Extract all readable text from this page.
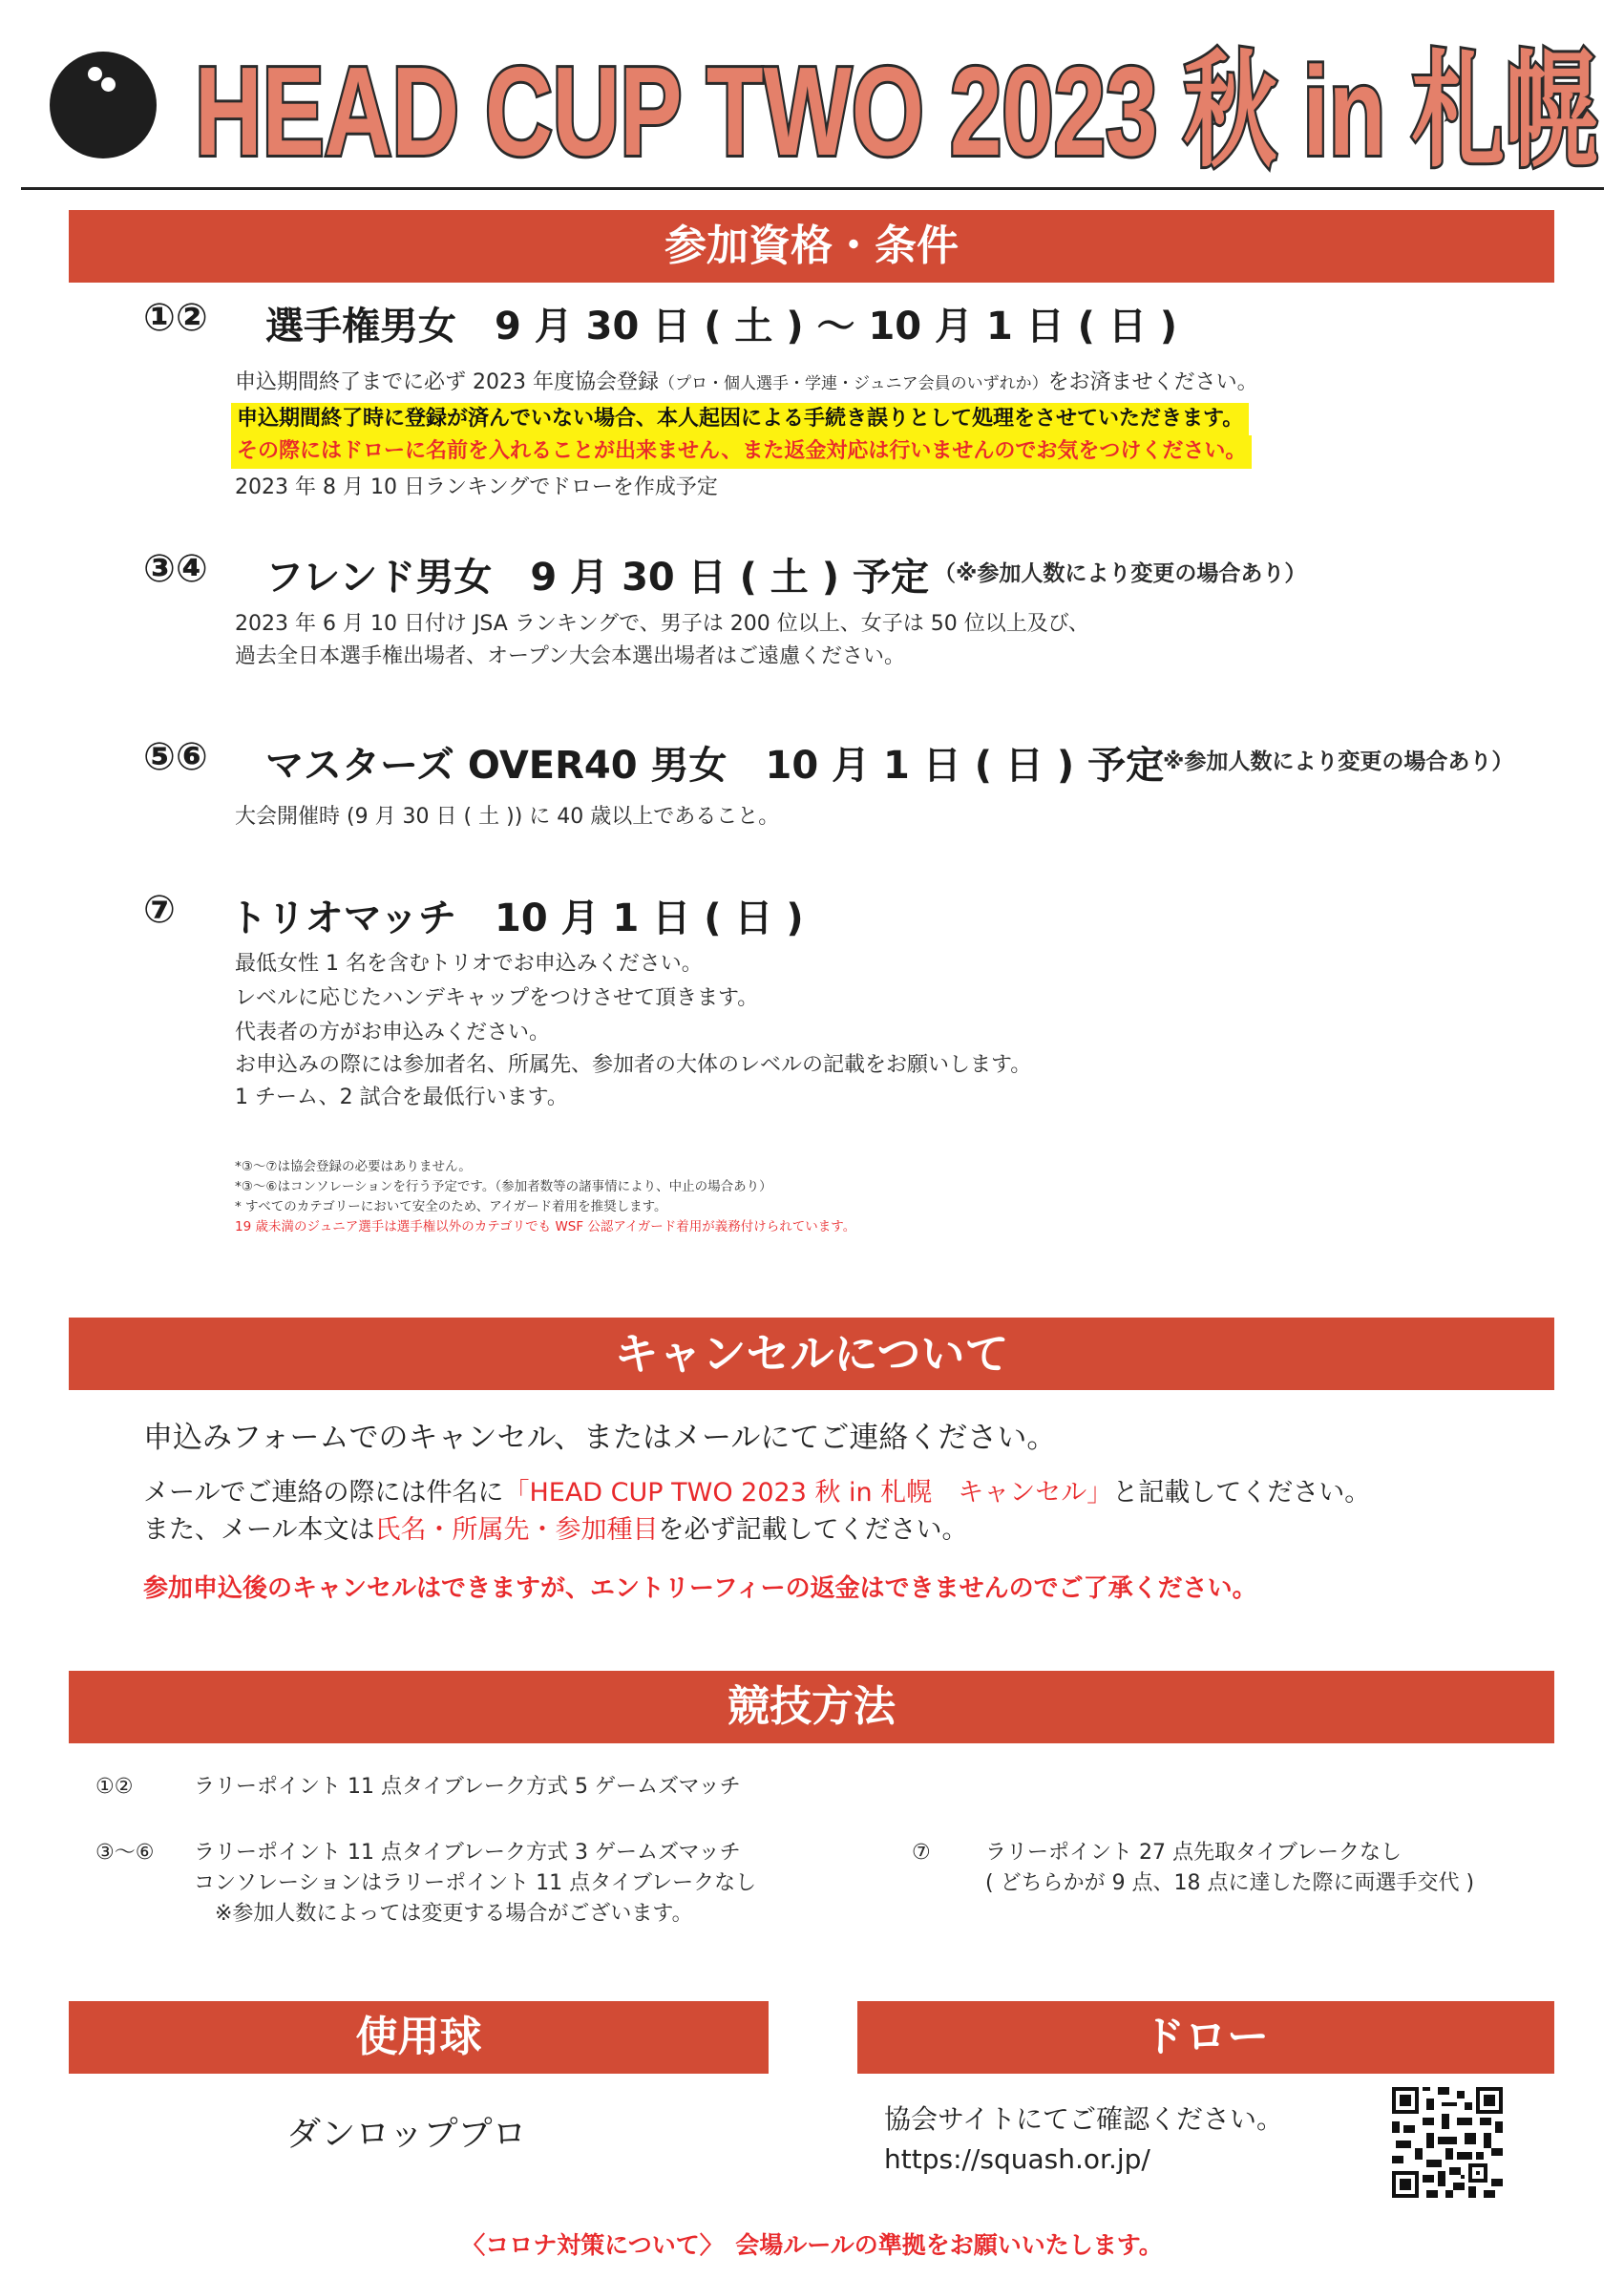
HEAD CUP TWO 2023 秋 in 札幌
参加資格・条件
①② 選手権男女　9 月 30 日 ( 土 ) 〜 10 月 1 日 ( 日 )
申込期間終了までに必ず 2023 年度協会登録（プロ・個人選手・学連・ジュニア会員のいずれか）をお済ませください。
申込期間終了時に登録が済んでいない場合、本人起因による手続き誤りとして処理をさせていただきます。
その際にはドローに名前を入れることが出来ません、また返金対応は行いませんのでお気をつけください。
2023 年 8 月 10 日ランキングでドローを作成予定
③④ フレンド男女　9 月 30 日 ( 土 ) 予定 （※参加人数により変更の場合あり）
2023 年 6 月 10 日付け JSA ランキングで、男子は 200 位以上、女子は 50 位以上及び、
過去全日本選手権出場者、オープン大会本選出場者はご遠慮ください。
⑤⑥ マスターズ OVER40 男女　10 月 1 日 ( 日 ) 予定
（※参加人数により変更の場合あり）
大会開催時 (9 月 30 日 ( 土 )) に 40 歳以上であること。
⑦ トリオマッチ　10 月 1 日 ( 日 )
最低女性 1 名を含むトリオでお申込みください。
レベルに応じたハンデキャップをつけさせて頂きます。
代表者の方がお申込みください。
お申込みの際には参加者名、所属先、参加者の大体のレベルの記載をお願いします。
1 チーム、2 試合を最低行います。
*③〜⑦は協会登録の必要はありません。
*③〜⑥はコンソレーションを行う予定です。（参加者数等の諸事情により、中止の場合あり）
* すべてのカテゴリーにおいて安全のため、アイガード着用を推奨します。
19 歳未満のジュニア選手は選手権以外のカテゴリでも WSF 公認アイガード着用が義務付けられています。
キャンセルについて
申込みフォームでのキャンセル、またはメールにてご連絡ください。
メールでご連絡の際には件名に「HEAD CUP TWO 2023 秋 in 札幌　キャンセル」と記載してください。
また、メール本文は氏名・所属先・参加種目を必ず記載してください。
参加申込後のキャンセルはできますが、エントリーフィーの返金はできませんのでご了承ください。
競技方法
①②	ラリーポイント 11 点タイブレーク方式 5 ゲームズマッチ
③〜⑥ ラリーポイント 11 点タイブレーク方式 3 ゲームズマッチ
コンソレーションはラリーポイント 11 点タイブレークなし
　※参加人数によっては変更する場合がございます。
⑦	ラリーポイント 27 点先取タイブレークなし
( どちらかが 9 点、18 点に達した際に両選手交代 )
使用球
ダンロッププロ
ドロー
協会サイトにてご確認ください。
https://squash.or.jp/
〈コロナ対策について〉　会場ルールの準拠をお願いいたします。
